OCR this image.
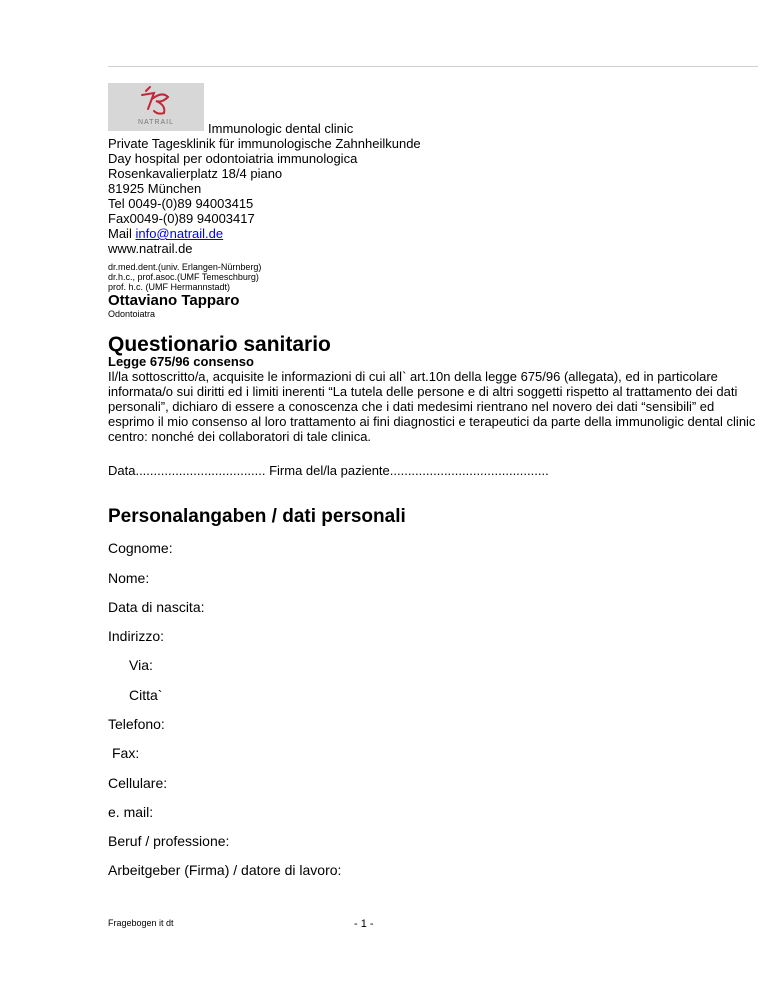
NATRAIL	Immunologic dental clinic
Private Tagesklinik für immunologische Zahnheilkunde
Day hospital per odontoiatria immunologica
Rosenkavalierplatz 18/4 piano
81925 München
Tel 0049-(0)89 94003415
Fax0049-(0)89 94003417
Mail info@natrail.de
www.natrail.de
dr.med.dent.(univ. Erlangen-Nürnberg)
dr.h.c., prof.asoc.(UMF Temeschburg)
prof. h.c. (UMF Hermannstadt)
Ottaviano Tapparo
Odontoiatra
Questionario sanitario
Legge 675/96 consenso
Il/la sottoscritto/a, acquisite le informazioni di cui all` art.10n della legge 675/96 (allegata), ed in particolare informata/o sui diritti ed i limiti inerenti “La tutela delle persone e di altri soggetti rispetto al trattamento dei dati personali”, dichiaro di essere a conoscenza che i dati medesimi rientrano nel novero dei dati “sensibili” ed esprimo il mio consenso al loro trattamento ai fini diagnostici e terapeutici da parte della immunoligic dental clinic centro: nonché dei collaboratori di tale clinica.
Data.................................... Firma del/la paziente............................................
Personalangaben / dati personali
Cognome:
Nome:
Data di nascita:
Indirizzo:
Via:
Citta`
Telefono:
Fax:
Cellulare:
e. mail:
Beruf / professione:
Arbeitgeber (Firma) / datore di lavoro:
Fragebogen it dt	- 1 -
